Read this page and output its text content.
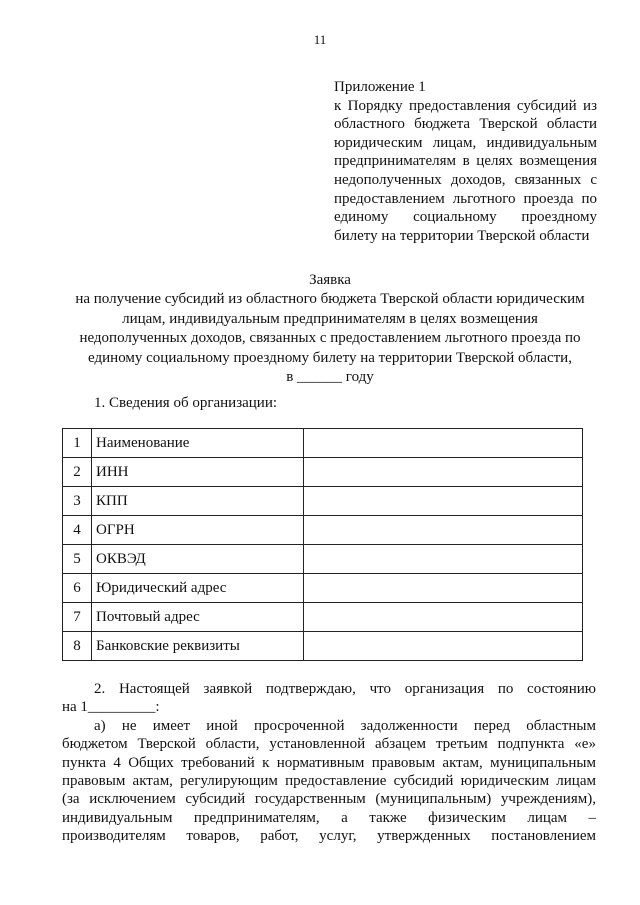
11
Приложение 1
к Порядку предоставления субсидий из
областного бюджета Тверской области
юридическим лицам, индивидуальным
предпринимателям в целях возмещения
недополученных доходов, связанных с
предоставлением льготного проезда по
единому социальному проездному
билету на территории Тверской области
Заявка
на получение субсидий из областного бюджета Тверской области юридическим
лицам, индивидуальным предпринимателям в целях возмещения
недополученных доходов, связанных с предоставлением льготного проезда по
единому социальному проездному билету на территории Тверской области,
в ______ году
1. Сведения об организации:
1	Наименование	
2	ИНН	
3	КПП	
4	ОГРН	
5	ОКВЭД	
6	Юридический адрес	
7	Почтовый адрес	
8	Банковские реквизиты	
2. Настоящей заявкой подтверждаю, что организация по состоянию
на 1_________:
а) не имеет иной просроченной задолженности перед областным
бюджетом Тверской области, установленной абзацем третьим подпункта «е»
пункта 4 Общих требований к нормативным правовым актам, муниципальным
правовым актам, регулирующим предоставление субсидий юридическим лицам
(за исключением субсидий государственным (муниципальным) учреждениям),
индивидуальным предпринимателям, а также физическим лицам –
производителям товаров, работ, услуг, утвержденных постановлением
